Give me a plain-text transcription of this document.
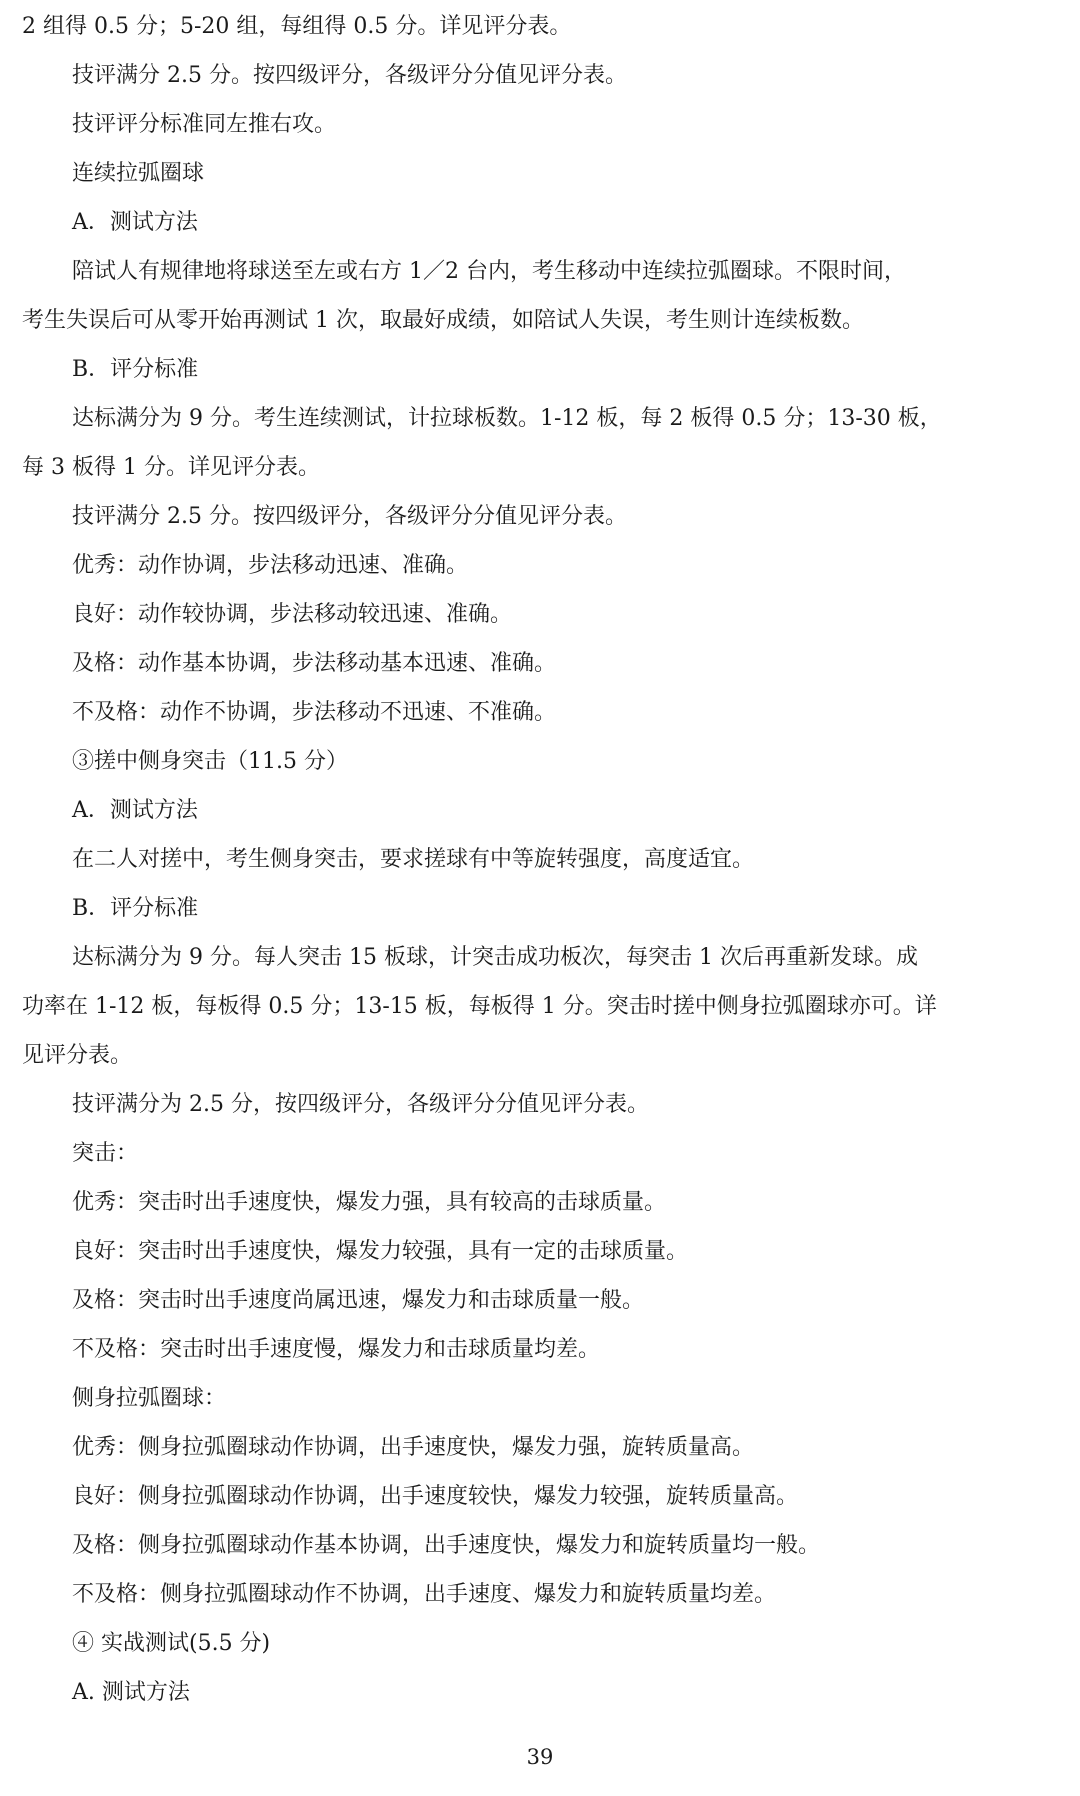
2 组得 0.5 分；5-20 组，每组得 0.5 分。详见评分表。
技评满分 2.5 分。按四级评分，各级评分分值见评分表。
技评评分标准同左推右攻。
连续拉弧圈球
A．测试方法
陪试人有规律地将球送至左或右方 1／2 台内，考生移动中连续拉弧圈球。不限时间，
考生失误后可从零开始再测试 1 次，取最好成绩，如陪试人失误，考生则计连续板数。
B．评分标准
达标满分为 9 分。考生连续测试，计拉球板数。1-12 板，每 2 板得 0.5 分；13-30 板，
每 3 板得 1 分。详见评分表。
技评满分 2.5 分。按四级评分，各级评分分值见评分表。
优秀：动作协调，步法移动迅速、准确。
良好：动作较协调，步法移动较迅速、准确。
及格：动作基本协调，步法移动基本迅速、准确。
不及格：动作不协调，步法移动不迅速、不准确。
③搓中侧身突击（11.5 分）
A．测试方法
在二人对搓中，考生侧身突击，要求搓球有中等旋转强度，高度适宜。
B．评分标准
达标满分为 9 分。每人突击 15 板球，计突击成功板次，每突击 1 次后再重新发球。成
功率在 1-12 板，每板得 0.5 分；13-15 板，每板得 1 分。突击时搓中侧身拉弧圈球亦可。详
见评分表。
技评满分为 2.5 分，按四级评分，各级评分分值见评分表。
突击：
优秀：突击时出手速度快，爆发力强，具有较高的击球质量。
良好：突击时出手速度快，爆发力较强，具有一定的击球质量。
及格：突击时出手速度尚属迅速，爆发力和击球质量一般。
不及格：突击时出手速度慢，爆发力和击球质量均差。
侧身拉弧圈球：
优秀：侧身拉弧圈球动作协调，出手速度快，爆发力强，旋转质量高。
良好：侧身拉弧圈球动作协调，出手速度较快，爆发力较强，旋转质量高。
及格：侧身拉弧圈球动作基本协调，出手速度快，爆发力和旋转质量均一般。
不及格：侧身拉弧圈球动作不协调，出手速度、爆发力和旋转质量均差。
④ 实战测试(5.5 分)
A. 测试方法
39
